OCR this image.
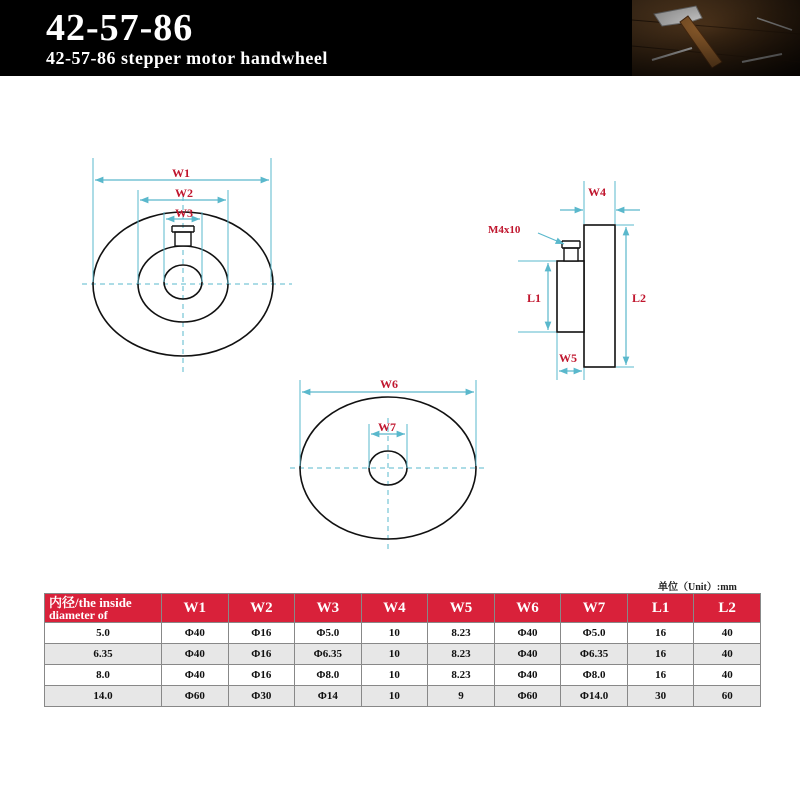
42-57-86
42-57-86 stepper motor handwheel
W1
W2
W3
M4x10
W4
L1	L2
W5
W6
W7
单位（Unit）:mm
内径/the inside
diameter of	W1	W2	W3	W4	W5	W6	W7	L1	L2
5.0	Φ40	Φ16	Φ5.0	10	8.23	Φ40	Φ5.0	16	40
6.35	Φ40	Φ16	Φ6.35	10	8.23	Φ40	Φ6.35	16	40
8.0	Φ40	Φ16	Φ8.0	10	8.23	Φ40	Φ8.0	16	40
14.0	Φ60	Φ30	Φ14	10	9	Φ60	Φ14.0	30	60
